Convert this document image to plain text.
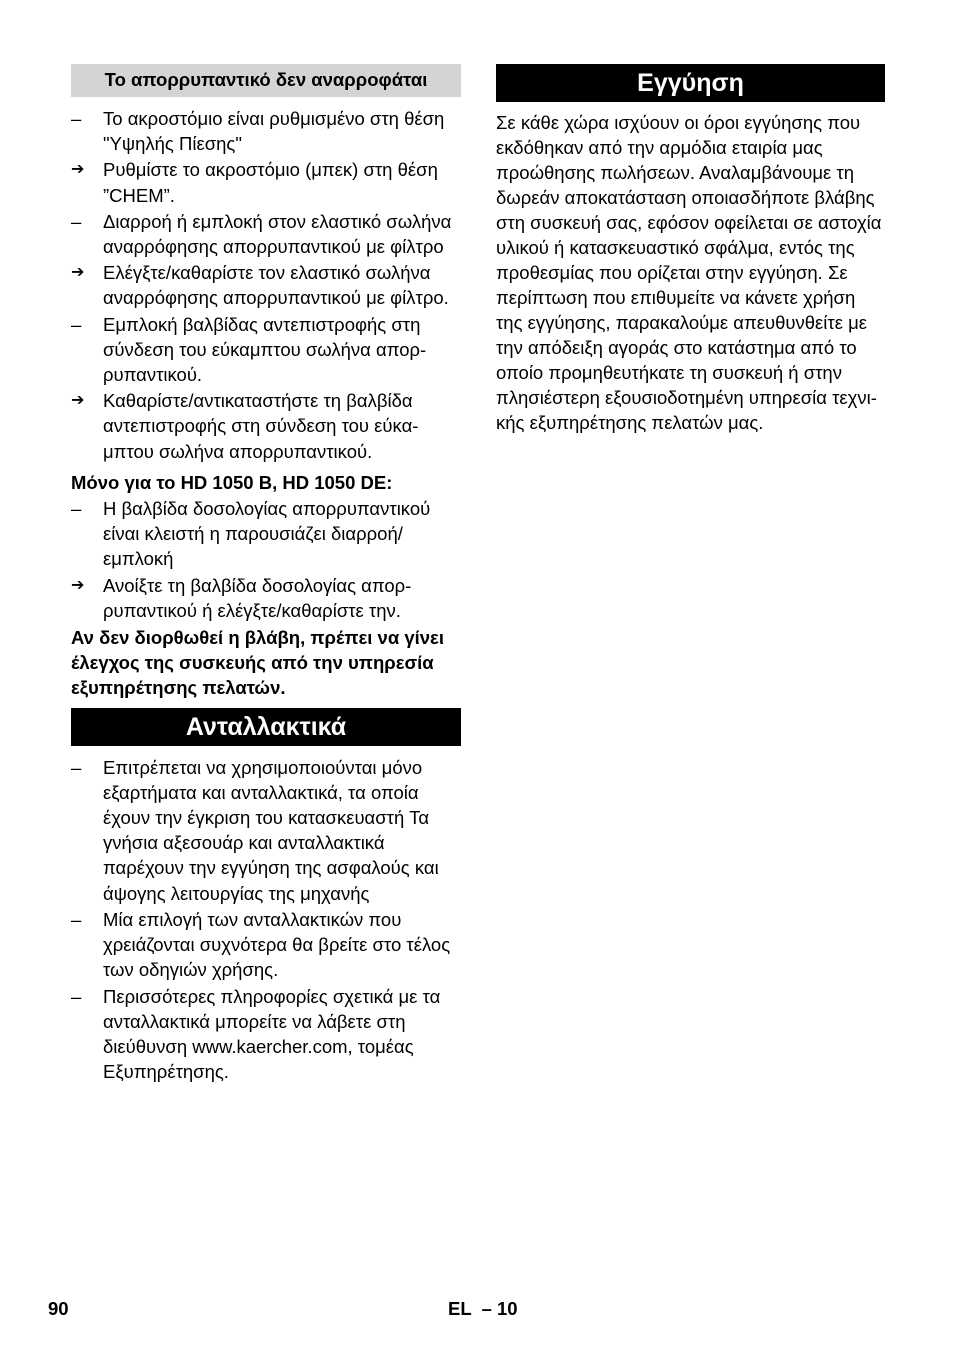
Το απορρυπαντικό δεν αναρροφάται
–	Το ακροστόμιο είναι ρυθμισμένο στη θέση "Υψηλής Πίεσης"
➔	Ρυθμίστε το ακροστόμιο (μπεκ) στη θέση ”CHEM”.
–	Διαρροή ή εμπλοκή στον ελαστικό σωλήνα αναρρόφησης απορρυπαντικού με φίλτρο
➔	Ελέγξτε/καθαρίστε τον ελαστικό σωλήνα αναρρόφησης απορρυπαντικού με φίλτρο.
–	Εμπλοκή βαλβίδας αντεπιστροφής στη σύνδεση του εύκαμπτου σωλήνα απορρυπαντικού.
➔	Καθαρίστε/αντικαταστήστε τη βαλβίδα αντεπιστροφής στη σύνδεση του εύκαμπτου σωλήνα απορρυπαντικού.
Μόνο για το HD 1050 B, HD 1050 DE:
–	Η βαλβίδα δοσολογίας απορρυπαντικού είναι κλειστή η παρουσιάζει διαρροή/εμπλοκή
➔	Ανοίξτε τη βαλβίδα δοσολογίας απορρυπαντικού ή ελέγξτε/καθαρίστε την.
Αν δεν διορθωθεί η βλάβη, πρέπει να γίνει έλεγχος της συσκευής από την υπηρεσία εξυπηρέτησης πελατών.
Ανταλλακτικά
–	Επιτρέπεται να χρησιμοποιούνται μόνο εξαρτήματα και ανταλλακτικά, τα οποία έχουν την έγκριση του κατασκευαστή Τα γνήσια αξεσουάρ και ανταλλακτικά παρέχουν την εγγύηση της ασφαλούς και άψογης λειτουργίας της μηχανής
–	Μία επιλογή των ανταλλακτικών που χρειάζονται συχνότερα θα βρείτε στο τέλος των οδηγιών χρήσης.
–	Περισσότερες πληροφορίες σχετικά με τα ανταλλακτικά μπορείτε να λάβετε στη διεύθυνση www.kaercher.com, τομέας Εξυπηρέτησης.
Εγγύηση
Σε κάθε χώρα ισχύουν οι όροι εγγύησης που εκδόθηκαν από την αρμόδια εταιρία μας προώθησης πωλήσεων. Αναλαμβάνουμε τη δωρεάν αποκατάσταση οποιασδήποτε βλάβης στη συσκευή σας, εφόσον οφείλεται σε αστοχία υλικού ή κατασκευαστικό σφάλμα, εντός της προθεσμίας που ορίζεται στην εγγύηση. Σε περίπτωση που επιθυμείτε να κάνετε χρήση της εγγύησης, παρακαλούμε απευθυνθείτε με την απόδειξη αγοράς στο κατάστημα από το οποίο προμηθευτήκατε τη συσκευή ή στην πλησιέστερη εξουσιοδοτημένη υπηρεσία τεχνικής εξυπηρέτησης πελατών μας.
90	EL  – 10
